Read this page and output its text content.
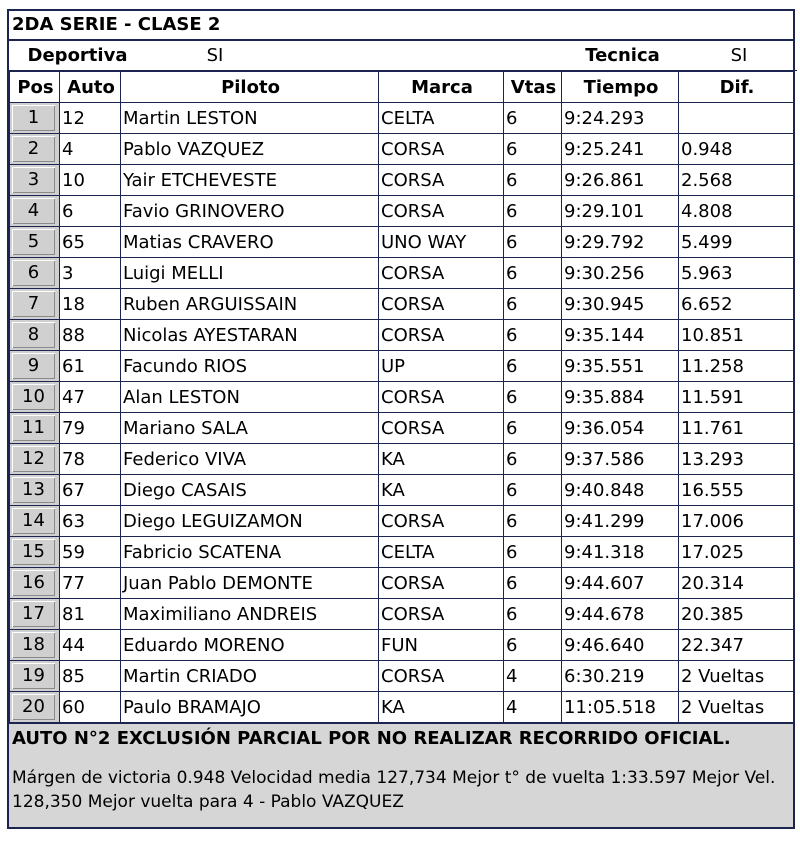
2DA SERIE - CLASE 2
Deportiva	SI		Tecnica	SI
Pos	Auto	Piloto	Marca	Vtas	Tiempo	Dif.

1	12	Martin LESTON	CELTA	6	9:24.293	

2	4	Pablo VAZQUEZ	CORSA	6	9:25.241	0.948

3	10	Yair ETCHEVESTE	CORSA	6	9:26.861	2.568

4	6	Favio GRINOVERO	CORSA	6	9:29.101	4.808

5	65	Matias CRAVERO	UNO WAY	6	9:29.792	5.499

6	3	Luigi MELLI	CORSA	6	9:30.256	5.963

7	18	Ruben ARGUISSAIN	CORSA	6	9:30.945	6.652

8	88	Nicolas AYESTARAN	CORSA	6	9:35.144	10.851

9	61	Facundo RIOS	UP	6	9:35.551	11.258

10	47	Alan LESTON	CORSA	6	9:35.884	11.591

11	79	Mariano SALA	CORSA	6	9:36.054	11.761

12	78	Federico VIVA	KA	6	9:37.586	13.293

13	67	Diego CASAIS	KA	6	9:40.848	16.555

14	63	Diego LEGUIZAMON	CORSA	6	9:41.299	17.006

15	59	Fabricio SCATENA	CELTA	6	9:41.318	17.025

16	77	Juan Pablo DEMONTE	CORSA	6	9:44.607	20.314

17	81	Maximiliano ANDREIS	CORSA	6	9:44.678	20.385

18	44	Eduardo MORENO	FUN	6	9:46.640	22.347

19	85	Martin CRIADO	CORSA	4	6:30.219	2 Vueltas

20	60	Paulo BRAMAJO	KA	4	11:05.518	2 Vueltas
AUTO N°2 EXCLUSIÓN PARCIAL POR NO REALIZAR RECORRIDO OFICIAL.
Márgen de victoria 0.948 Velocidad media 127,734 Mejor t° de vuelta 1:33.597 Mejor Vel. 128,350 Mejor vuelta para 4 - Pablo VAZQUEZ
